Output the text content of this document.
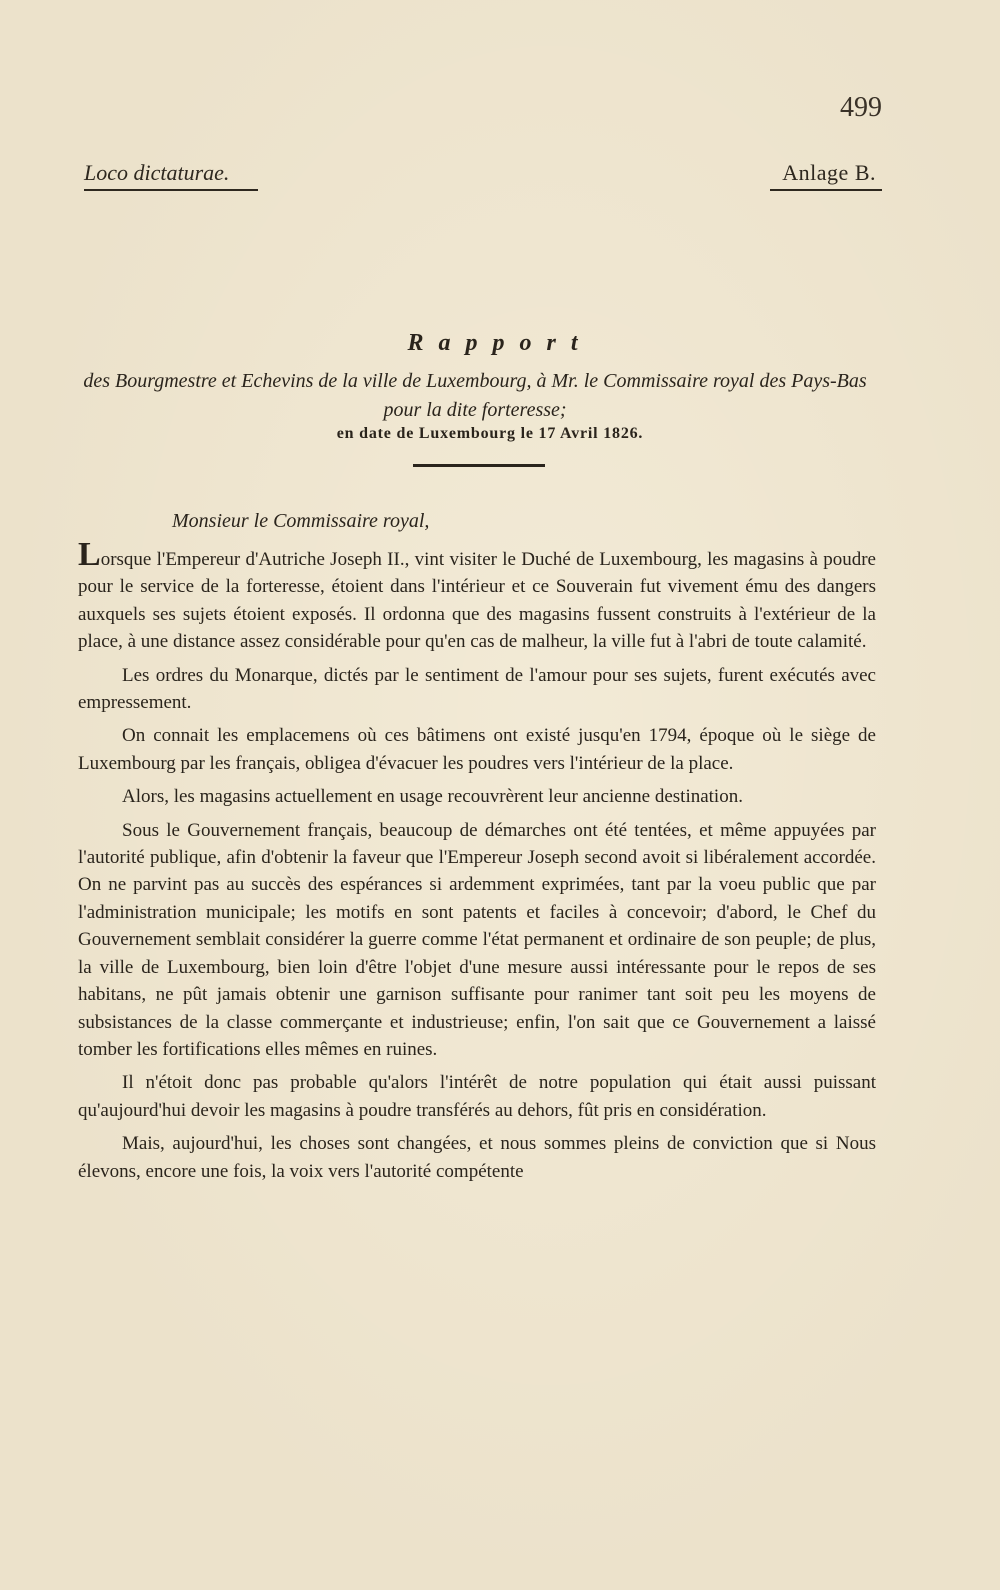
499
Loco dictaturae.	Anlage B.
Rapport
des Bourgmestre et Echevins de la ville de Luxembourg, à Mr. le Commissaire royal des Pays-Bas pour la dite forteresse;
en date de Luxembourg le 17 Avril 1826.
Monsieur le Commissaire royal,

Lorsque l'Empereur d'Autriche Joseph II., vint visiter le Duché de Luxembourg, les magasins à poudre pour le service de la forteresse, étoient dans l'intérieur et ce Souverain fut vivement ému des dangers auxquels ses sujets étoient exposés. Il ordonna que des magasins fussent construits à l'extérieur de la place, à une distance assez considérable pour qu'en cas de malheur, la ville fut à l'abri de toute calamité.

Les ordres du Monarque, dictés par le sentiment de l'amour pour ses sujets, furent exécutés avec empressement.

On connait les emplacemens où ces bâtimens ont existé jusqu'en 1794, époque où le siège de Luxembourg par les français, obligea d'évacuer les poudres vers l'intérieur de la place.

Alors, les magasins actuellement en usage recouvrèrent leur ancienne destination.

Sous le Gouvernement français, beaucoup de démarches ont été tentées, et même appuyées par l'autorité publique, afin d'obtenir la faveur que l'Empereur Joseph second avoit si libéralement accordée. On ne parvint pas au succès des espérances si ardemment exprimées, tant par la voeu public que par l'administration municipale; les motifs en sont patents et faciles à concevoir; d'abord, le Chef du Gouvernement semblait considérer la guerre comme l'état permanent et ordinaire de son peuple; de plus, la ville de Luxembourg, bien loin d'être l'objet d'une mesure aussi intéressante pour le repos de ses habitans, ne pût jamais obtenir une garnison suffisante pour ranimer tant soit peu les moyens de subsistances de la classe commerçante et industrieuse; enfin, l'on sait que ce Gouvernement a laissé tomber les fortifications elles mêmes en ruines.

Il n'étoit donc pas probable qu'alors l'intérêt de notre population qui était aussi puissant qu'aujourd'hui devoir les magasins à poudre transférés au dehors, fût pris en considération.

Mais, aujourd'hui, les choses sont changées, et nous sommes pleins de conviction que si Nous élevons, encore une fois, la voix vers l'autorité compétente
